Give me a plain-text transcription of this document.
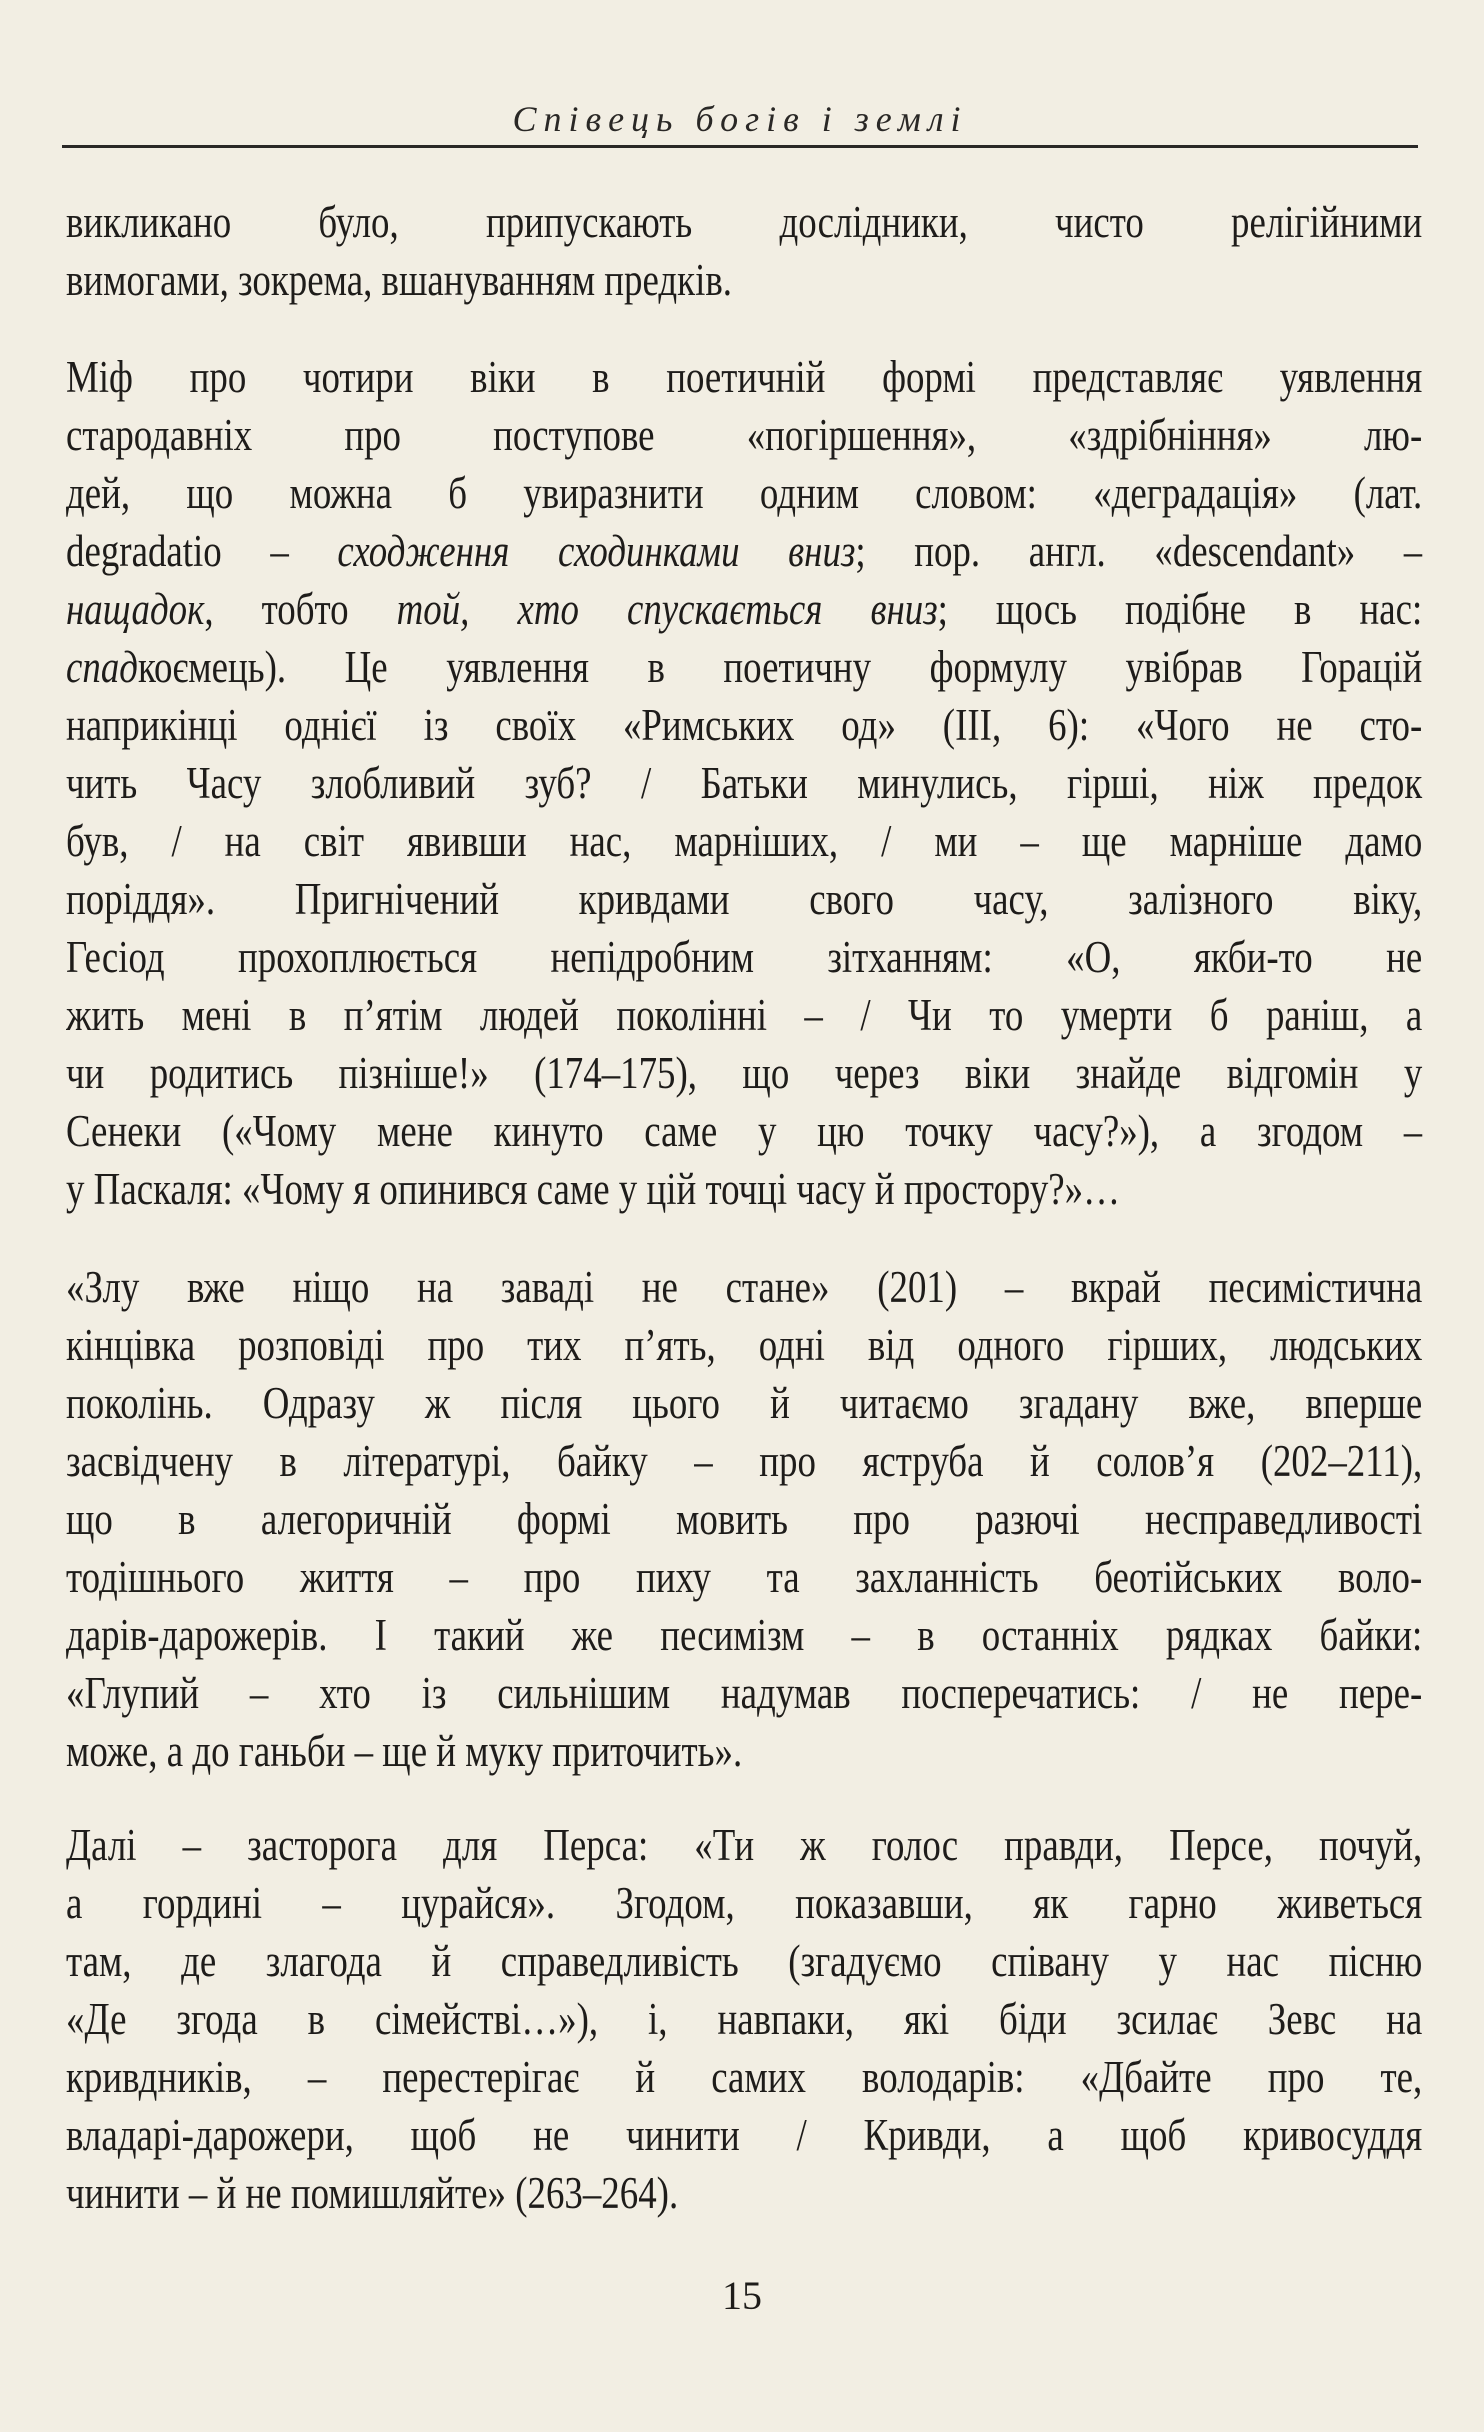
Співець богів і землі
викликано було, припускають дослідники, чисто релігійними
вимогами, зокрема, вшануванням предків.
Міф про чотири віки в поетичній формі представляє уявлення
стародавніх про поступове «погіршення», «здрібніння» лю-
дей, що можна б увиразнити одним словом: «деградація» (лат.
degradatio – сходження сходинками вниз; пор. англ. «descendant» –
нащадок, тобто той, хто спускається вниз; щось подібне в нас:
спадкоємець). Це уявлення в поетичну формулу увібрав Горацій
наприкінці однієї із своїх «Римських од» (III, 6): «Чого не сто-
чить Часу злобливий зуб? / Батьки минулись, гірші, ніж предок
був, / на світ явивши нас, марніших, / ми – ще марніше дамо
поріддя». Пригнічений кривдами свого часу, залізного віку,
Гесіод прохоплюється непідробним зітханням: «О, якби-то не
жить мені в п’ятім людей поколінні – / Чи то умерти б раніш, а
чи родитись пізніше!» (174–175), що через віки знайде відгомін у
Сенеки («Чому мене кинуто саме у цю точку часу?»), а згодом –
у Паскаля: «Чому я опинився саме у цій точці часу й простору?»…
«Злу вже ніщо на заваді не стане» (201) – вкрай песимістична
кінцівка розповіді про тих п’ять, одні від одного гірших, людських
поколінь. Одразу ж після цього й читаємо згадану вже, вперше
засвідчену в літературі, байку – про яструба й солов’я (202–211),
що в алегоричній формі мовить про разючі несправедливості
тодішнього життя – про пиху та захланність беотійських воло-
дарів-дарожерів. І такий же песимізм – в останніх рядках байки:
«Глупий – хто із сильнішим надумав посперечатись: / не пере-
може, а до ганьби – ще й муку приточить».
Далі – засторога для Перса: «Ти ж голос правди, Персе, почуй,
а гордині – цурайся». Згодом, показавши, як гарно живеться
там, де злагода й справедливість (згадуємо співану у нас пісню
«Де згода в сімействі…»), і, навпаки, які біди зсилає Зевс на
кривдників, – перестерігає й самих володарів: «Дбайте про те,
владарі-дарожери, щоб не чинити / Кривди, а щоб кривосуддя
чинити – й не помишляйте» (263–264).
15
